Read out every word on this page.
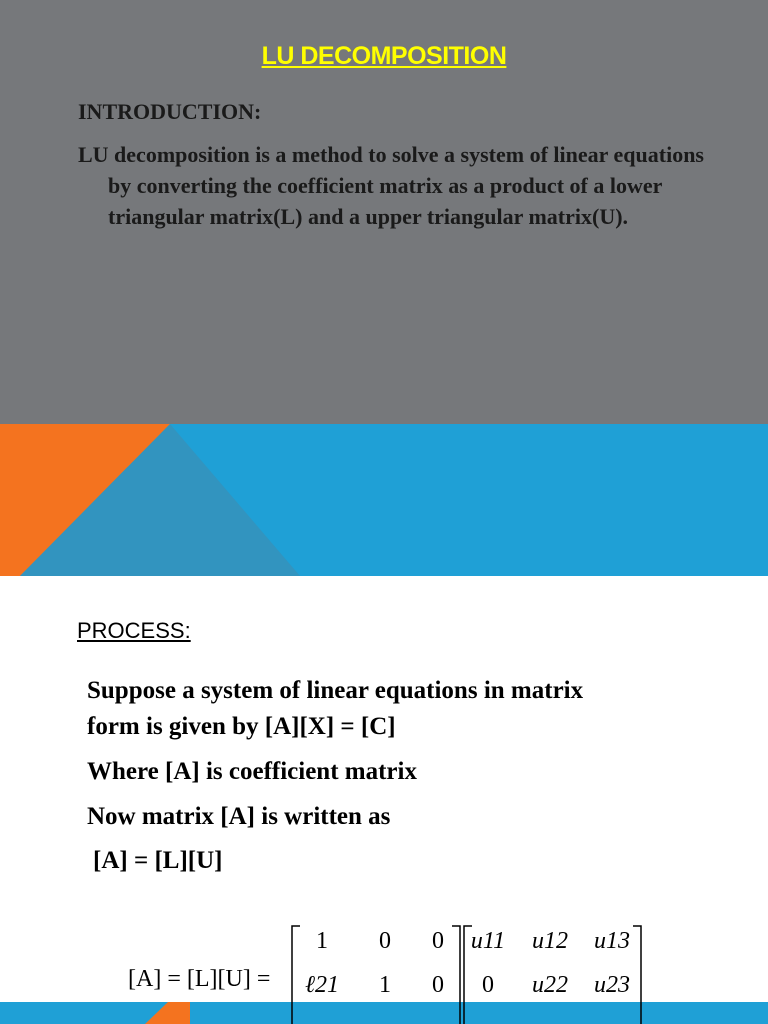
LU DECOMPOSITION
INTRODUCTION:

LU decomposition is a method to solve a system of linear equations by converting the coefficient matrix as a product of a lower triangular matrix(L) and a upper triangular matrix(U).

PROCESS:
Suppose a system of linear equations in matrix
form is given by [A][X] = [C]
Where [A] is coefficient matrix
Now matrix [A] is written as
[A] = [L][U]
[A] = [L][U] =
1 0 0
ℓ21 1 0
u11 u12 u13
0 u22 u23
